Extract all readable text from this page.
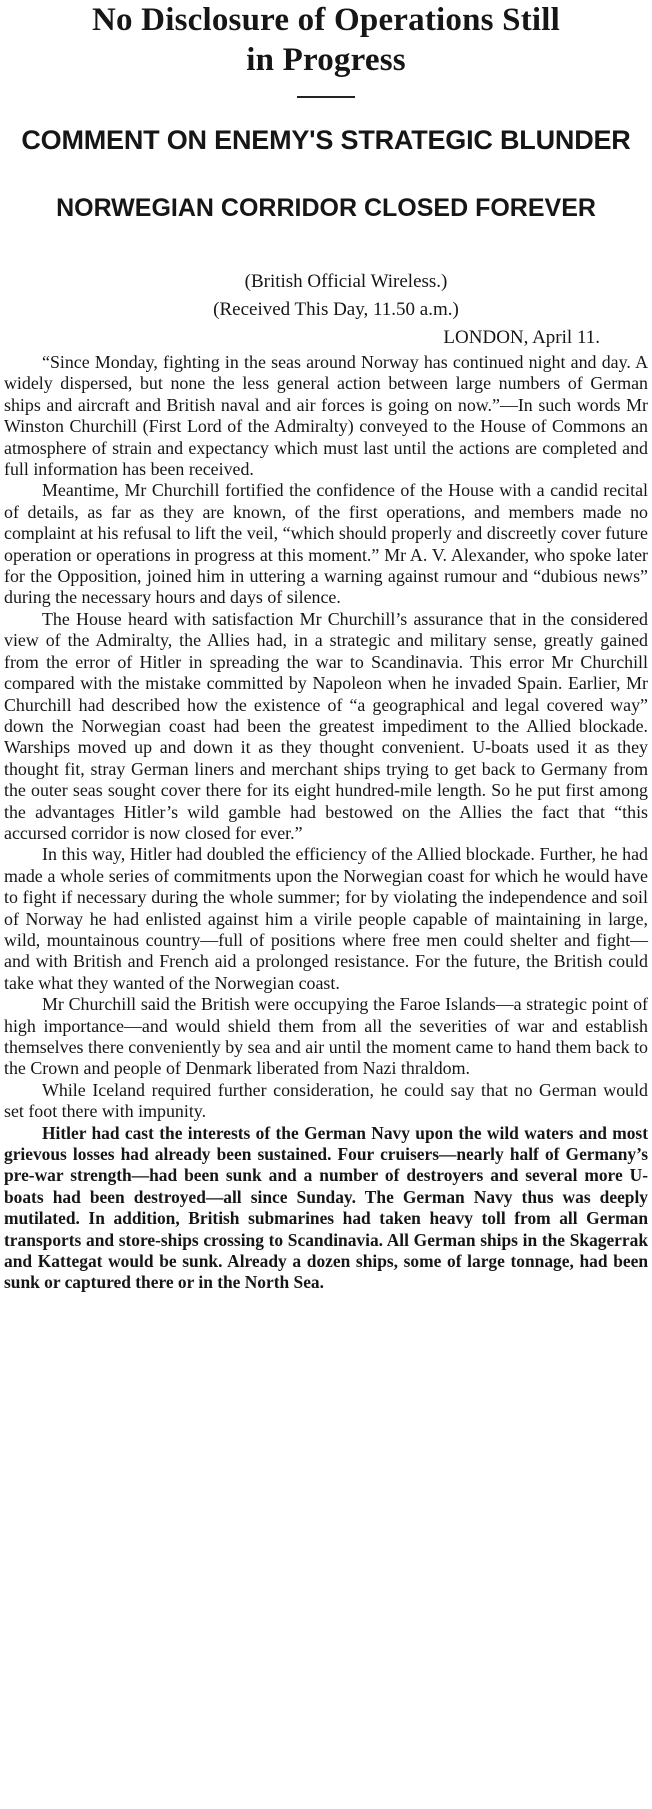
No Disclosure of Operations Still
in Progress
COMMENT ON ENEMY'S STRATEGIC BLUNDER
NORWEGIAN CORRIDOR CLOSED FOREVER

(British Official Wireless.)

(Received This Day, 11.50 a.m.)

LONDON, April 11.

“Since Monday, fighting in the seas around Norway has continued night and day. A widely dispersed, but none the less general action between large numbers of German ships and aircraft and British naval and air forces is going on now.”—In such words Mr Winston Churchill (First Lord of the Admiralty) conveyed to the House of Commons an atmosphere of strain and expectancy which must last until the actions are completed and full information has been received.

Meantime, Mr Churchill fortified the confidence of the House with a candid recital of details, as far as they are known, of the first operations, and members made no complaint at his refusal to lift the veil, “which should properly and discreetly cover future operation or operations in progress at this moment.” Mr A. V. Alexander, who spoke later for the Opposition, joined him in uttering a warning against rumour and “dubious news” during the necessary hours and days of silence.

The House heard with satisfaction Mr Churchill’s assurance that in the considered view of the Admiralty, the Allies had, in a strategic and military sense, greatly gained from the error of Hitler in spreading the war to Scandinavia. This error Mr Churchill compared with the mistake committed by Napoleon when he invaded Spain. Earlier, Mr Churchill had described how the existence of “a geographical and legal covered way” down the Norwegian coast had been the greatest impediment to the Allied blockade. Warships moved up and down it as they thought convenient. U-boats used it as they thought fit, stray German liners and merchant ships trying to get back to Germany from the outer seas sought cover there for its eight hundred-mile length. So he put first among the advantages Hitler’s wild gamble had bestowed on the Allies the fact that “this accursed corridor is now closed for ever.”

In this way, Hitler had doubled the efficiency of the Allied blockade. Further, he had made a whole series of commitments upon the Norwegian coast for which he would have to fight if necessary during the whole summer; for by violating the independence and soil of Norway he had enlisted against him a virile people capable of maintaining in large, wild, mountainous country—full of positions where free men could shelter and fight—and with British and French aid a prolonged resistance. For the future, the British could take what they wanted of the Norwegian coast.

Mr Churchill said the British were occupying the Faroe Islands—a strategic point of high importance—and would shield them from all the severities of war and establish themselves there conveniently by sea and air until the moment came to hand them back to the Crown and people of Denmark liberated from Nazi thraldom.

While Iceland required further consideration, he could say that no German would set foot there with impunity.

Hitler had cast the interests of the German Navy upon the wild waters and most grievous losses had already been sustained. Four cruisers—nearly half of Germany’s pre-war strength—had been sunk and a number of destroyers and several more U-boats had been destroyed—all since Sunday. The German Navy thus was deeply mutilated. In addition, British submarines had taken heavy toll from all German transports and store-ships crossing to Scandinavia. All German ships in the Skagerrak and Kattegat would be sunk. Already a dozen ships, some of large tonnage, had been sunk or captured there or in the North Sea.
